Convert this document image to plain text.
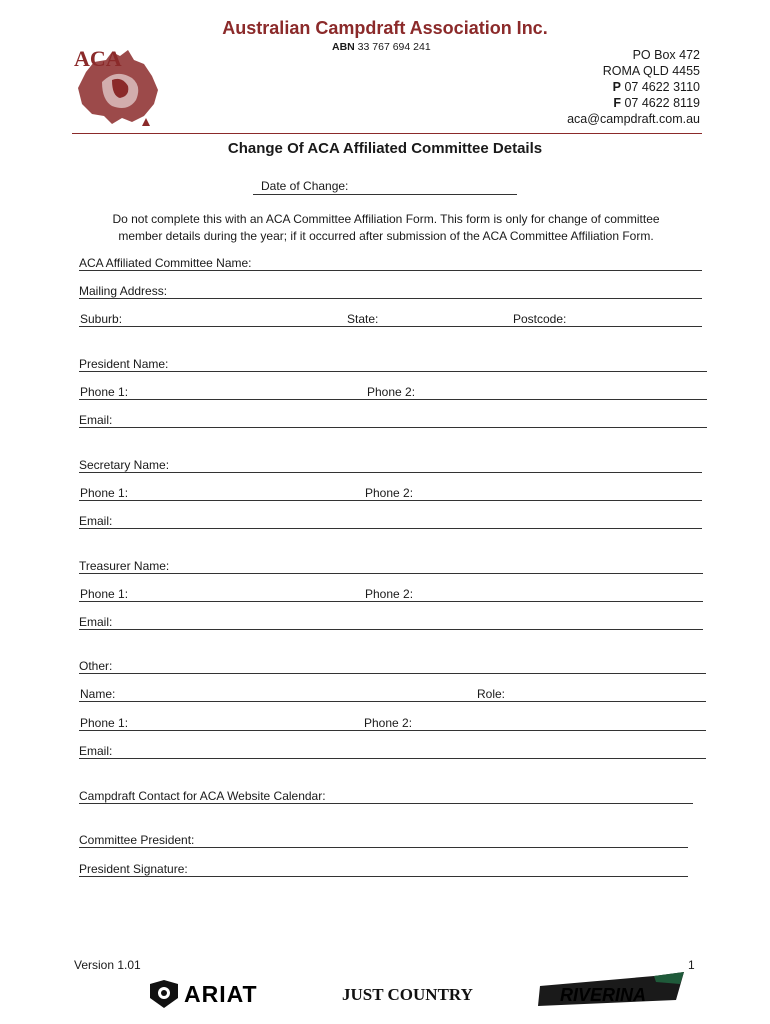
Australian Campdraft Association Inc.
ABN 33 767 694 241
ACA	PO Box 472
ROMA QLD 4455
P 07 4622 3110
F 07 4622 8119
aca@campdraft.com.au
Change Of ACA Affiliated Committee Details
Date of Change:
Do not complete this with an ACA Committee Affiliation Form. This form is only for change of committee
member details during the year; if it occurred after submission of the ACA Committee Affiliation Form.
ACA Affiliated Committee Name:
Mailing Address:
Suburb:	State:	Postcode:
President Name:
Phone 1:	Phone 2:
Email:
Secretary Name:
Phone 1:	Phone 2:
Email:
Treasurer Name:
Phone 1:	Phone 2:
Email:
Other:
Name:	Role:
Phone 1:	Phone 2:
Email:
Campdraft Contact for ACA Website Calendar:
Committee President:
President Signature:
Version 1.01	1
ARIAT	JUST COUNTRY	RIVERINA
